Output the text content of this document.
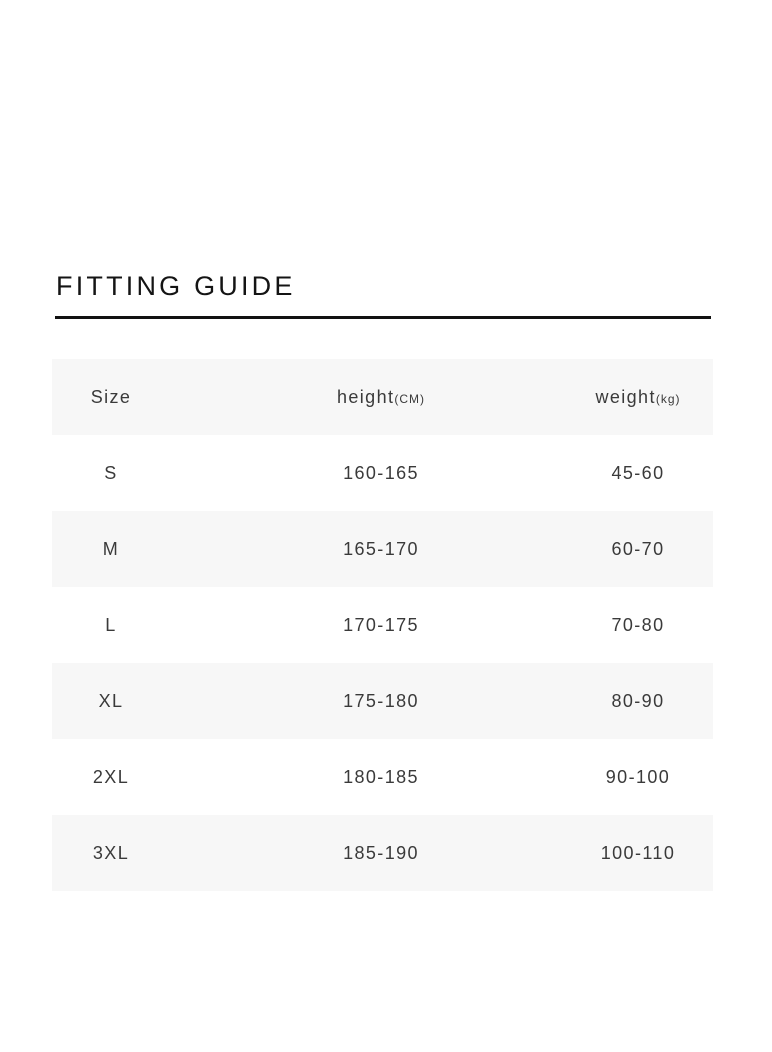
FITTING GUIDE
Size	height(CM)	weight(kg)
S	160-165	45-60
M	165-170	60-70
L	170-175	70-80
XL	175-180	80-90
2XL	180-185	90-100
3XL	185-190	100-110
